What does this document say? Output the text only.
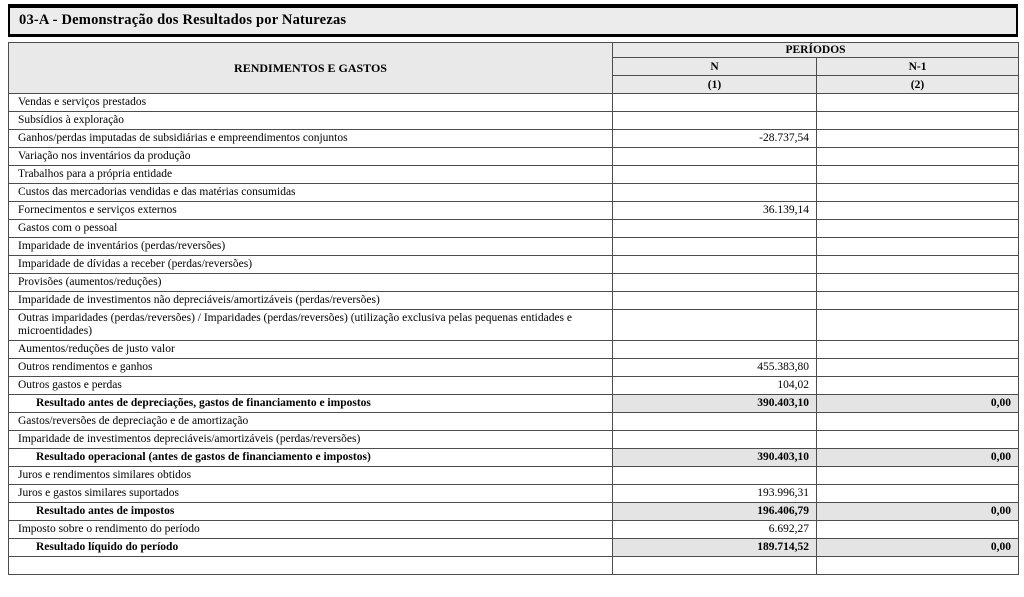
03-A - Demonstração dos Resultados por Naturezas
RENDIMENTOS E GASTOS	PERÍODOS	
	N	N-1
	(1)	(2)
Vendas e serviços prestados		
Subsídios à exploração		
Ganhos/perdas imputadas de subsidiárias e empreendimentos conjuntos	-28.737,54	
Variação nos inventários da produção		
Trabalhos para a própria entidade		
Custos das mercadorias vendidas e das matérias consumidas		
Fornecimentos e serviços externos	36.139,14	
Gastos com o pessoal		
Imparidade de inventários (perdas/reversões)		
Imparidade de dívidas a receber (perdas/reversões)		
Provisões (aumentos/reduções)		
Imparidade de investimentos não depreciáveis/amortizáveis (perdas/reversões)		
Outras imparidades (perdas/reversões) / Imparidades (perdas/reversões) (utilização exclusiva pelas pequenas entidades e microentidades)		
Aumentos/reduções de justo valor		
Outros rendimentos e ganhos	455.383,80	
Outros gastos e perdas	104,02	
Resultado antes de depreciações, gastos de financiamento e impostos	390.403,10	0,00
Gastos/reversões de depreciação e de amortização		
Imparidade de investimentos depreciáveis/amortizáveis (perdas/reversões)		
Resultado operacional (antes de gastos de financiamento e impostos)	390.403,10	0,00
Juros e rendimentos similares obtidos		
Juros e gastos similares suportados	193.996,31	
Resultado antes de impostos	196.406,79	0,00
Imposto sobre o rendimento do período	6.692,27	
Resultado líquido do período	189.714,52	0,00
